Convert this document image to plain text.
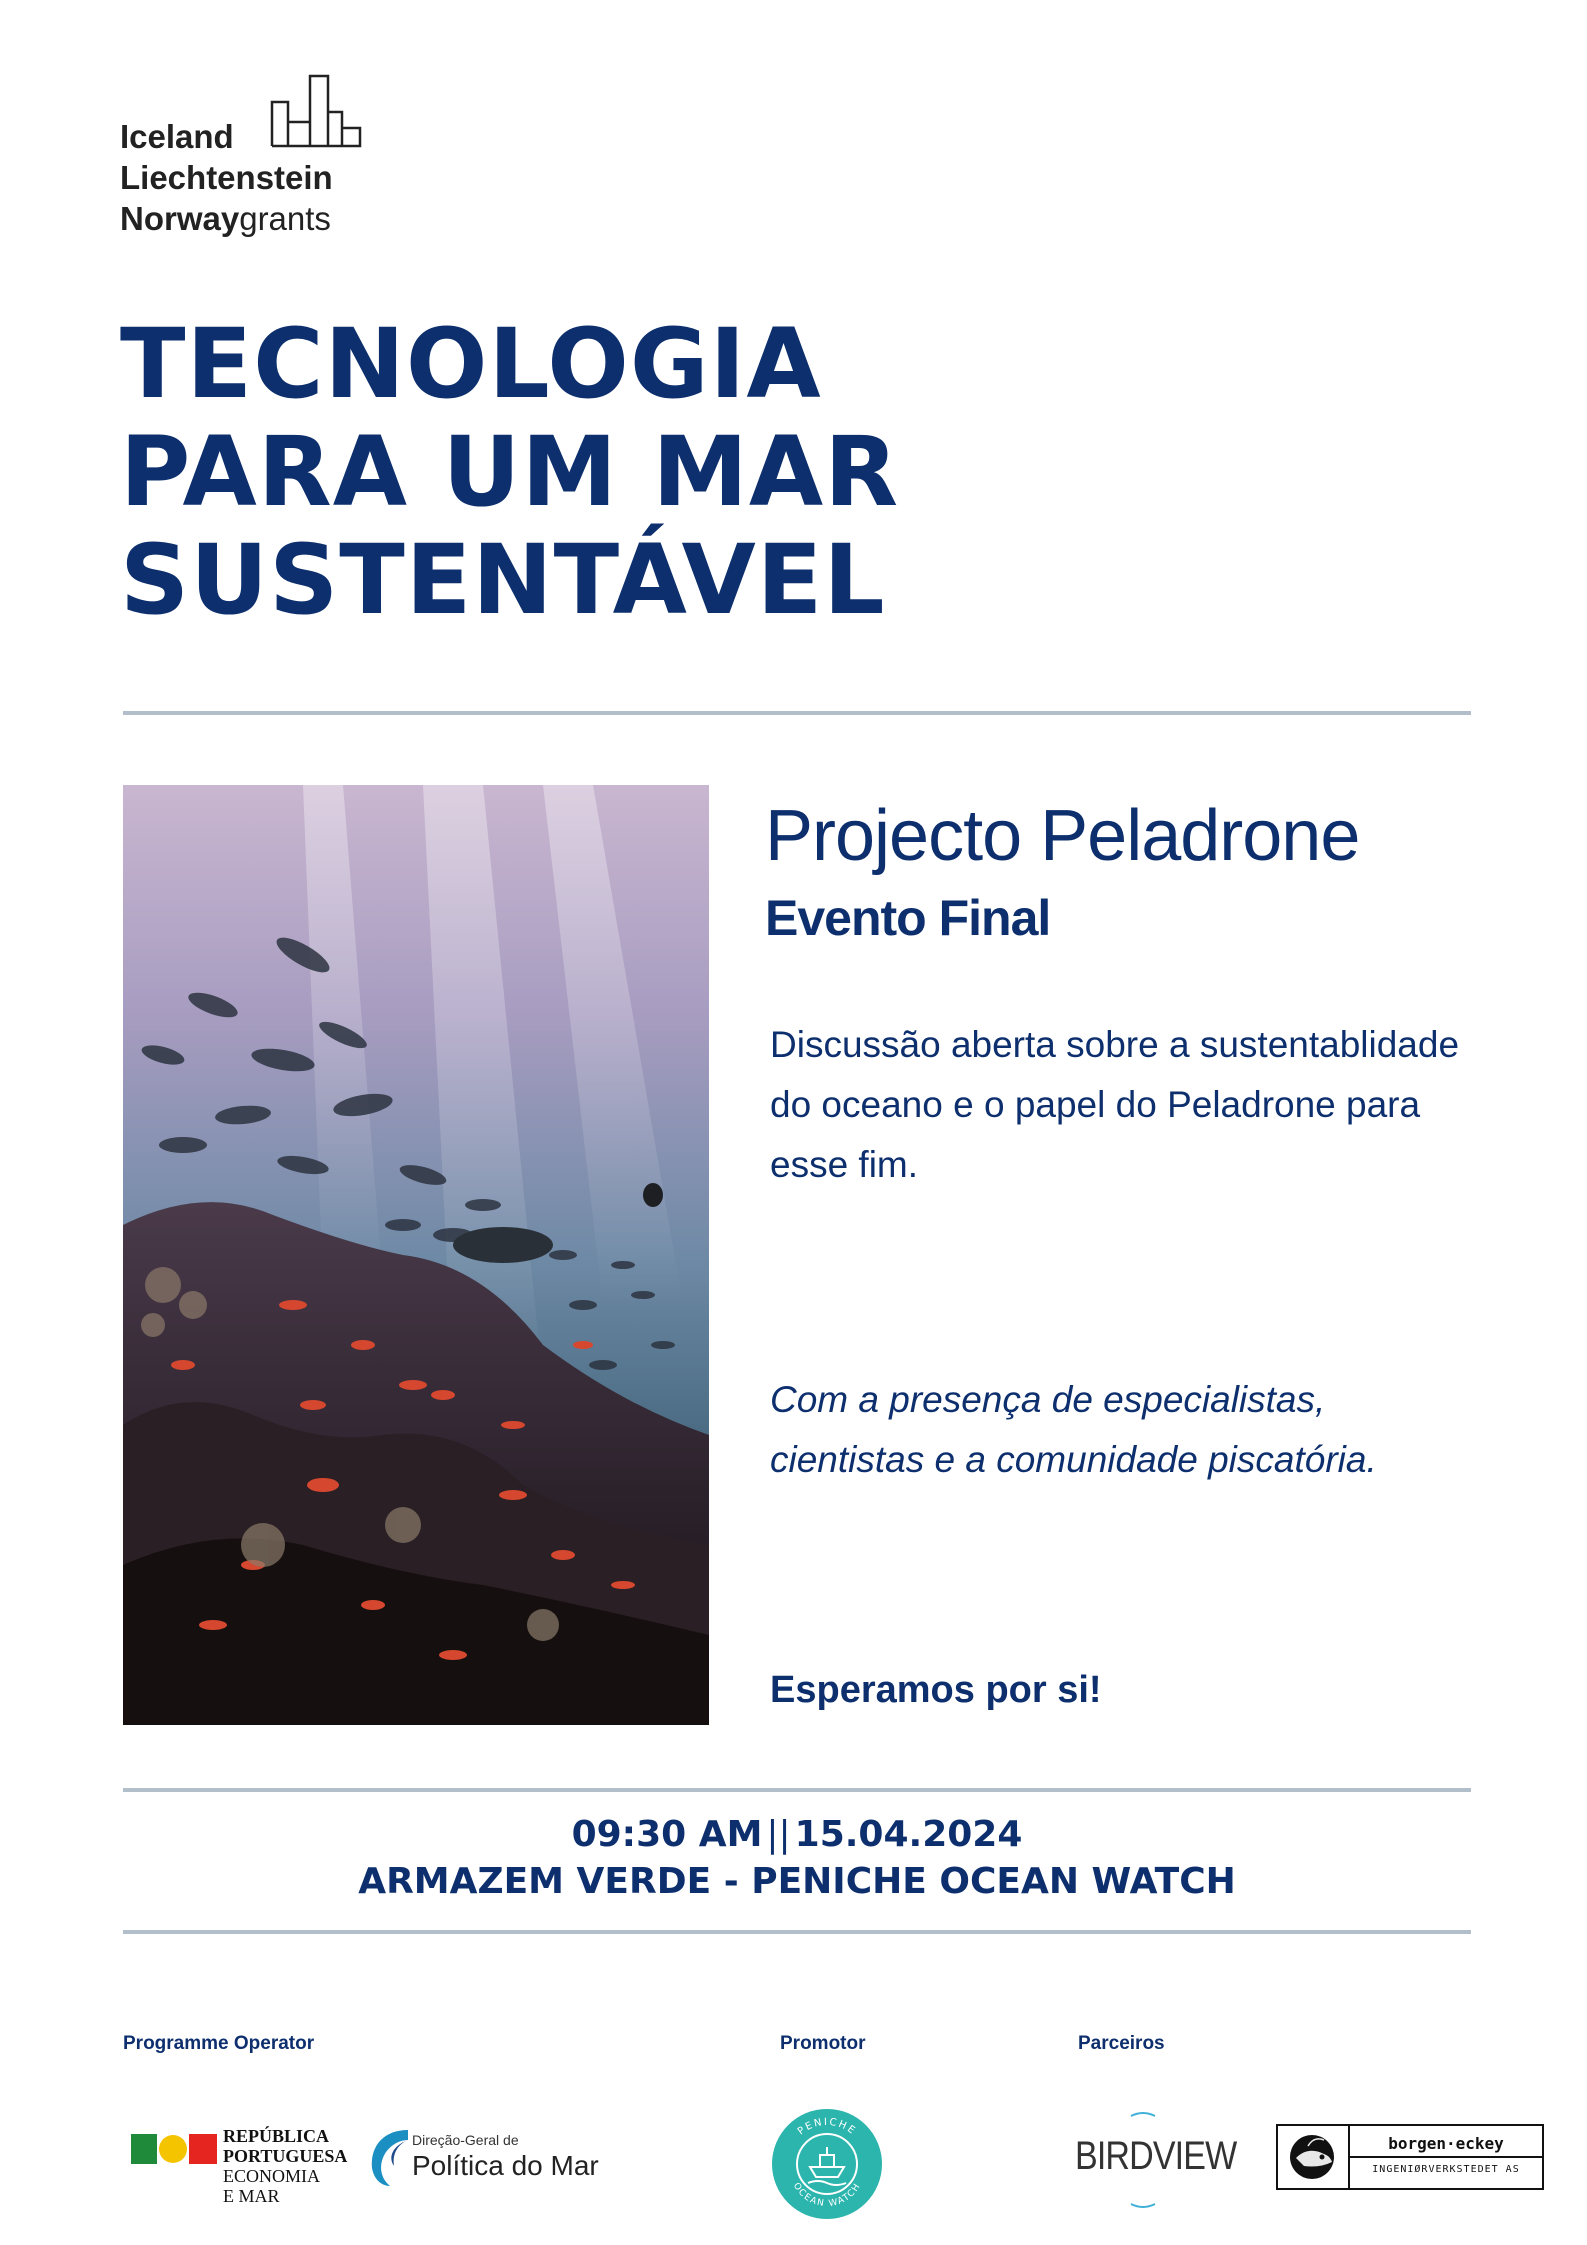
Iceland
Liechtenstein
Norwaygrants
TECNOLOGIA
PARA UM MAR
SUSTENTÁVEL
Projecto Peladrone
Evento Final
Discussão aberta sobre a sustentablidade do oceano e o papel do Peladrone para esse fim.
Com a presença de especialistas, cientistas e a comunidade piscatória.
Esperamos por si!
09:30 AM || 15.04.2024
ARMAZEM VERDE - PENICHE OCEAN WATCH
Programme Operator	Promotor	Parceiros
REPÚBLICA
PORTUGUESA
ECONOMIA
E MAR
Direção-Geral de
Política do Mar
PENICHE
OCEAN WATCH
BIRDVIEW	borgen·eckey
INGENIØRVERKSTEDET AS
